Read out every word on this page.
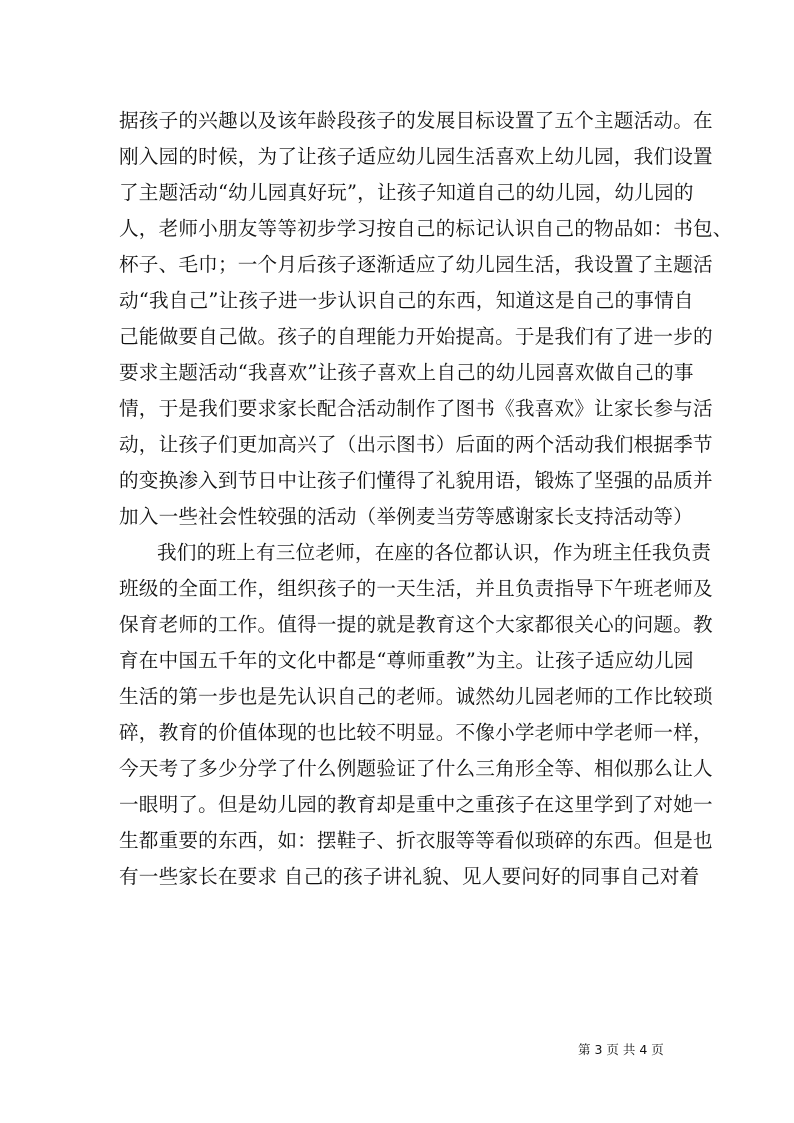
据孩子的兴趣以及该年龄段孩子的发展目标设置了五个主题活动。在
刚入园的时候，为了让孩子适应幼儿园生活喜欢上幼儿园，我们设置
了主题活动“幼儿园真好玩”，让孩子知道自己的幼儿园，幼儿园的
人，老师小朋友等等初步学习按自己的标记认识自己的物品如：书包、
杯子、毛巾；一个月后孩子逐渐适应了幼儿园生活，我设置了主题活
动“我自己”让孩子进一步认识自己的东西，知道这是自己的事情自
己能做要自己做。孩子的自理能力开始提高。于是我们有了进一步的
要求主题活动“我喜欢”让孩子喜欢上自己的幼儿园喜欢做自己的事
情，于是我们要求家长配合活动制作了图书《我喜欢》让家长参与活
动，让孩子们更加高兴了（出示图书）后面的两个活动我们根据季节
的变换渗入到节日中让孩子们懂得了礼貌用语，锻炼了坚强的品质并
加入一些社会性较强的活动（举例麦当劳等感谢家长支持活动等）
我们的班上有三位老师，在座的各位都认识，作为班主任我负责
班级的全面工作，组织孩子的一天生活，并且负责指导下午班老师及
保育老师的工作。值得一提的就是教育这个大家都很关心的问题。教
育在中国五千年的文化中都是“尊师重教”为主。让孩子适应幼儿园
生活的第一步也是先认识自己的老师。诚然幼儿园老师的工作比较琐
碎，教育的价值体现的也比较不明显。不像小学老师中学老师一样，
今天考了多少分学了什么例题验证了什么三角形全等、相似那么让人
一眼明了。但是幼儿园的教育却是重中之重孩子在这里学到了对她一
生都重要的东西，如：摆鞋子、折衣服等等看似琐碎的东西。但是也
有一些家长在要求 自己的孩子讲礼貌、见人要问好的同事自己对着
第 3 页 共 4 页
